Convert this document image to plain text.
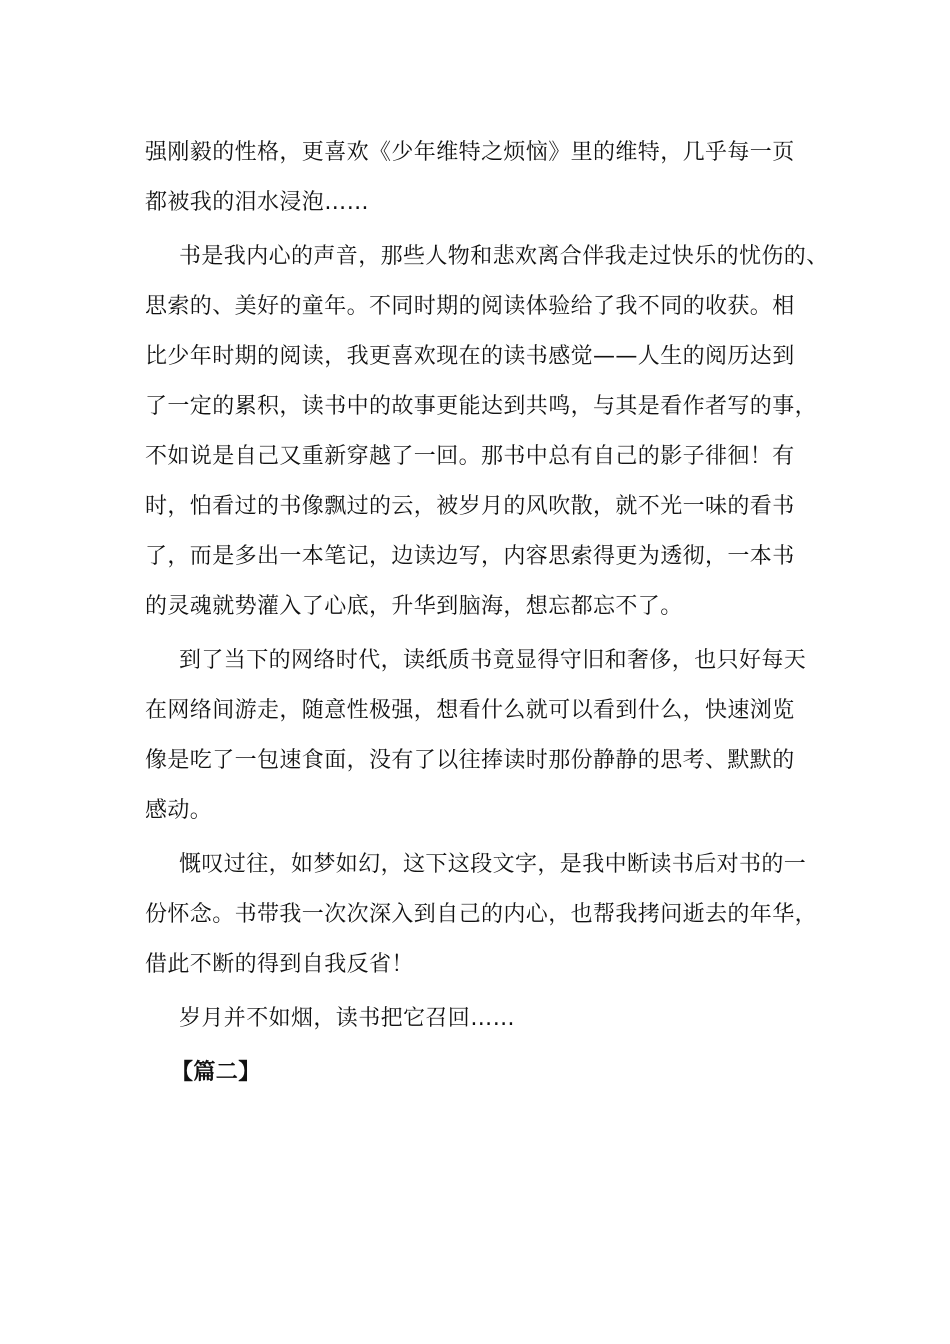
强刚毅的性格，更喜欢《少年维特之烦恼》里的维特，几乎每一页
都被我的泪水浸泡……
书是我内心的声音，那些人物和悲欢离合伴我走过快乐的忧伤的、
思索的、美好的童年。不同时期的阅读体验给了我不同的收获。相
比少年时期的阅读，我更喜欢现在的读书感觉——人生的阅历达到
了一定的累积，读书中的故事更能达到共鸣，与其是看作者写的事，
不如说是自己又重新穿越了一回。那书中总有自己的影子徘徊！有
时，怕看过的书像飘过的云，被岁月的风吹散，就不光一味的看书
了，而是多出一本笔记，边读边写，内容思索得更为透彻，一本书
的灵魂就势灌入了心底，升华到脑海，想忘都忘不了。
到了当下的网络时代，读纸质书竟显得守旧和奢侈，也只好每天
在网络间游走，随意性极强，想看什么就可以看到什么，快速浏览
像是吃了一包速食面，没有了以往捧读时那份静静的思考、默默的
感动。
慨叹过往，如梦如幻，这下这段文字，是我中断读书后对书的一
份怀念。书带我一次次深入到自己的内心，也帮我拷问逝去的年华，
借此不断的得到自我反省！
岁月并不如烟，读书把它召回……
【篇二】
